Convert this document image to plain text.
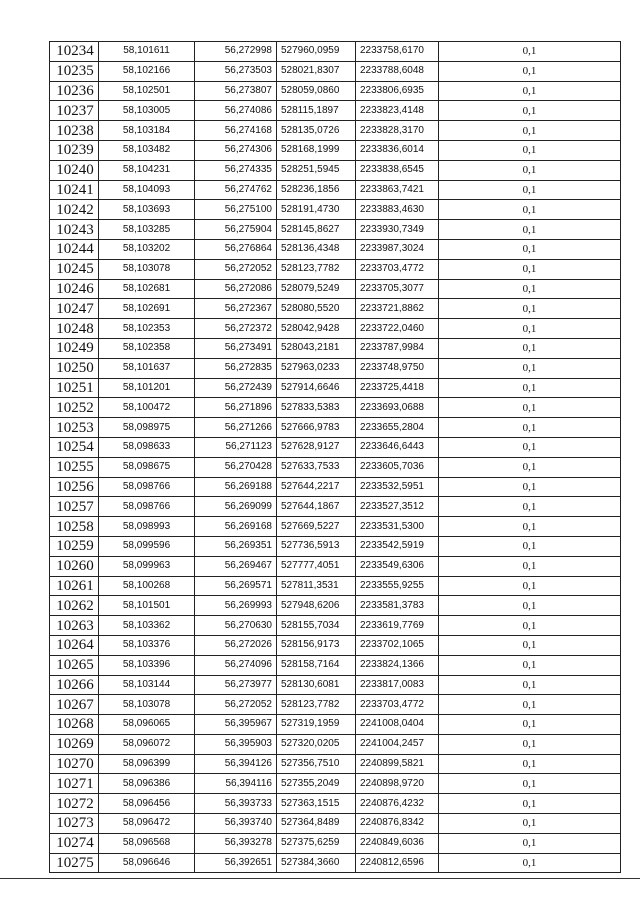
10234	58,101611	56,272998	527960,0959	2233758,6170	0,1
10235	58,102166	56,273503	528021,8307	2233788,6048	0,1
10236	58,102501	56,273807	528059,0860	2233806,6935	0,1
10237	58,103005	56,274086	528115,1897	2233823,4148	0,1
10238	58,103184	56,274168	528135,0726	2233828,3170	0,1
10239	58,103482	56,274306	528168,1999	2233836,6014	0,1
10240	58,104231	56,274335	528251,5945	2233838,6545	0,1
10241	58,104093	56,274762	528236,1856	2233863,7421	0,1
10242	58,103693	56,275100	528191,4730	2233883,4630	0,1
10243	58,103285	56,275904	528145,8627	2233930,7349	0,1
10244	58,103202	56,276864	528136,4348	2233987,3024	0,1
10245	58,103078	56,272052	528123,7782	2233703,4772	0,1
10246	58,102681	56,272086	528079,5249	2233705,3077	0,1
10247	58,102691	56,272367	528080,5520	2233721,8862	0,1
10248	58,102353	56,272372	528042,9428	2233722,0460	0,1
10249	58,102358	56,273491	528043,2181	2233787,9984	0,1
10250	58,101637	56,272835	527963,0233	2233748,9750	0,1
10251	58,101201	56,272439	527914,6646	2233725,4418	0,1
10252	58,100472	56,271896	527833,5383	2233693,0688	0,1
10253	58,098975	56,271266	527666,9783	2233655,2804	0,1
10254	58,098633	56,271123	527628,9127	2233646,6443	0,1
10255	58,098675	56,270428	527633,7533	2233605,7036	0,1
10256	58,098766	56,269188	527644,2217	2233532,5951	0,1
10257	58,098766	56,269099	527644,1867	2233527,3512	0,1
10258	58,098993	56,269168	527669,5227	2233531,5300	0,1
10259	58,099596	56,269351	527736,5913	2233542,5919	0,1
10260	58,099963	56,269467	527777,4051	2233549,6306	0,1
10261	58,100268	56,269571	527811,3531	2233555,9255	0,1
10262	58,101501	56,269993	527948,6206	2233581,3783	0,1
10263	58,103362	56,270630	528155,7034	2233619,7769	0,1
10264	58,103376	56,272026	528156,9173	2233702,1065	0,1
10265	58,103396	56,274096	528158,7164	2233824,1366	0,1
10266	58,103144	56,273977	528130,6081	2233817,0083	0,1
10267	58,103078	56,272052	528123,7782	2233703,4772	0,1
10268	58,096065	56,395967	527319,1959	2241008,0404	0,1
10269	58,096072	56,395903	527320,0205	2241004,2457	0,1
10270	58,096399	56,394126	527356,7510	2240899,5821	0,1
10271	58,096386	56,394116	527355,2049	2240898,9720	0,1
10272	58,096456	56,393733	527363,1515	2240876,4232	0,1
10273	58,096472	56,393740	527364,8489	2240876,8342	0,1
10274	58,096568	56,393278	527375,6259	2240849,6036	0,1
10275	58,096646	56,392651	527384,3660	2240812,6596	0,1
